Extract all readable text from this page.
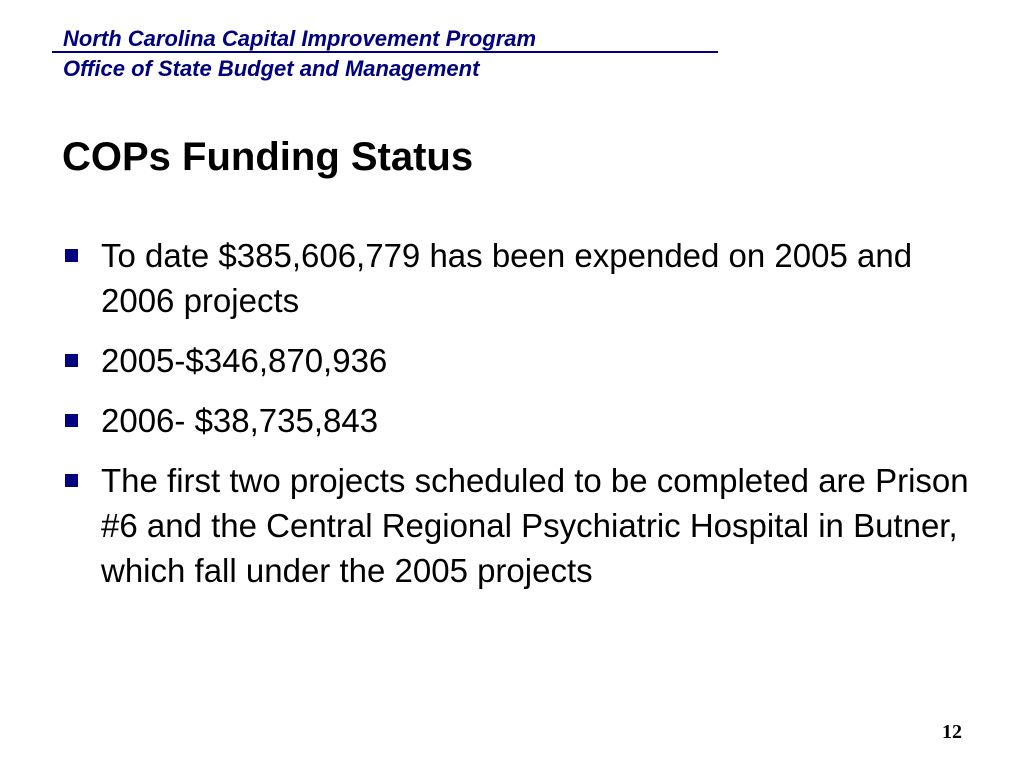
North Carolina Capital Improvement Program
Office of State Budget and Management
COPs Funding Status
To date $385,606,779 has been expended on 2005 and 2006 projects
2005-$346,870,936
2006- $38,735,843
The first two projects scheduled to be completed are Prison #6 and the Central Regional Psychiatric Hospital in Butner, which fall under the 2005 projects
12
